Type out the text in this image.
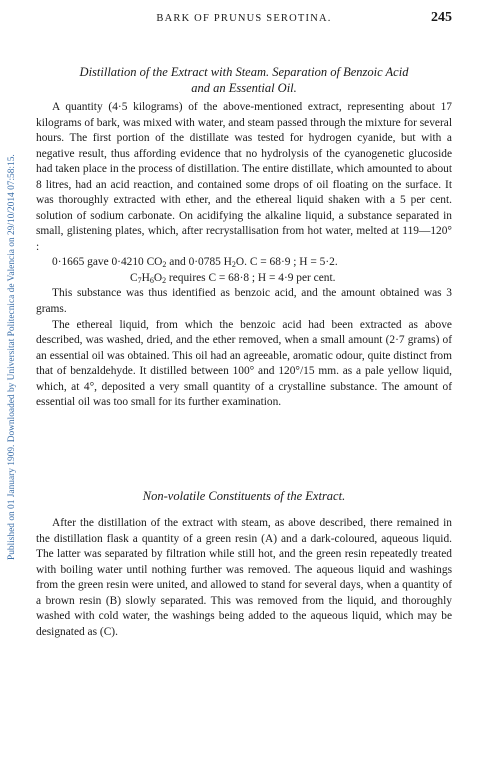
Published on 01 January 1909. Downloaded by Universitat Politecnica de Valencia on 29/10/2014 07:58:15.
BARK OF PRUNUS SEROTINA.	245
Distillation of the Extract with Steam. Separation of Benzoic Acid
and an Essential Oil.

A quantity (4·5 kilograms) of the above-mentioned extract, representing about 17 kilograms of bark, was mixed with water, and steam passed through the mixture for several hours. The first portion of the distillate was tested for hydrogen cyanide, but with a negative result, thus affording evidence that no hydrolysis of the cyanogenetic glucoside had taken place in the process of distillation. The entire distillate, which amounted to about 8 litres, had an acid reaction, and contained some drops of oil floating on the surface. It was thoroughly extracted with ether, and the ethereal liquid shaken with a 5 per cent. solution of sodium carbonate. On acidifying the alkaline liquid, a substance separated in small, glistening plates, which, after recrystallisation from hot water, melted at 119—120° :

0·1665 gave 0·4210 $CO_2$ and 0·0785 $H_2O$. C = 68·9 ; H = 5·2.
$C_7H_6O_2$ requires C = 68·8 ; H = 4·9 per cent.

This substance was thus identified as benzoic acid, and the amount obtained was 3 grams.

The ethereal liquid, from which the benzoic acid had been extracted as above described, was washed, dried, and the ether removed, when a small amount (2·7 grams) of an essential oil was obtained. This oil had an agreeable, aromatic odour, quite distinct from that of benzaldehyde. It distilled between 100° and 120°/15 mm. as a pale yellow liquid, which, at 4°, deposited a very small quantity of a crystalline substance. The amount of essential oil was too small for its further examination.

Non-volatile Constituents of the Extract.

After the distillation of the extract with steam, as above described, there remained in the distillation flask a quantity of a green resin (A) and a dark-coloured, aqueous liquid. The latter was separated by filtration while still hot, and the green resin repeatedly treated with boiling water until nothing further was removed. The aqueous liquid and washings from the green resin were united, and allowed to stand for several days, when a quantity of a brown resin (B) slowly separated. This was removed from the liquid, and thoroughly washed with cold water, the washings being added to the aqueous liquid, which may be designated as (C).
